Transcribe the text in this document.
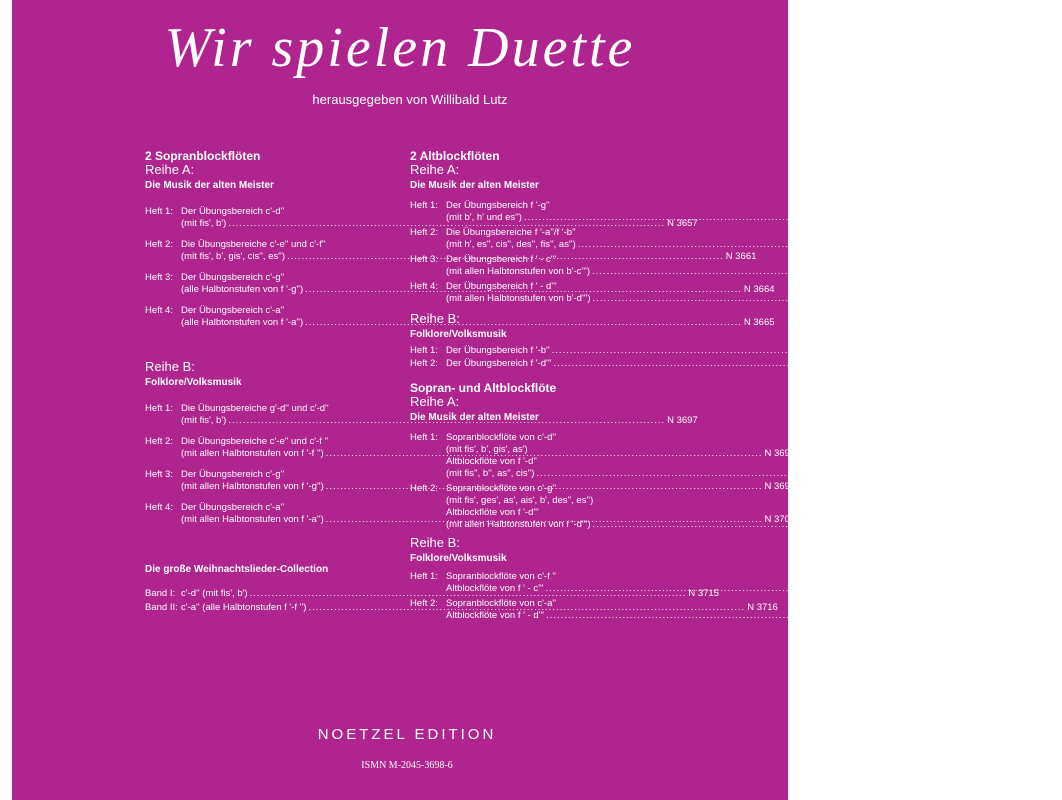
Wir spielen Duette
herausgegeben von Willibald Lutz
2 Sopranblockflöten
Reihe A:
Die Musik der alten Meister
Heft 1: Der Übungsbereich c'-d''
(mit fis', b') .....	N 3657
Heft 2: Die Übungsbereiche c'-e'' und c'-f''
(mit fis', b', gis', cis'', es'') .....	N 3661
Heft 3: Der Übungsbereich c'-g''
(alle Halbtonstufen von f '-g'') .....	N 3664
Heft 4: Der Übungsbereich c'-a''
(alle Halbtonstufen von f '-a'') .....	N 3665
Reihe B:
Folklore/Volksmusik
Heft 1: Die Übungsbereiche g'-d'' und c'-d''
(mit fis', b') .....	N 3697
Heft 2: Die Übungsbereiche c'-e'' und c'-f ''
(mit allen Halbtonstufen von f '-f '') .....	N 3698
Heft 3: Der Übungsbereich c'-g''
(mit allen Halbtonstufen von f '-g'') .....	N 3699
Heft 4: Der Übungsbereich c'-a''
(mit allen Halbtonstufen von f '-a'') .....	N 3700
Die große Weihnachtslieder-Collection
Band I: c'-d'' (mit fis', b') .....	N 3715
Band II: c'-a'' (alle Halbtonstufen f '-f '') .....	N 3716
2 Altblockflöten
Reihe A:
Die Musik der alten Meister
Heft 1: Der Übungsbereich f '-g''
(mit b', h' und es'') .....	N 3717
Heft 2: Die Übungsbereiche f '-a''/f '-b''
(mit h', es'', cis'', des'', fis'', as'') .....	N 3718
Heft 3: Der Übungsbereich f ' - c'''
(mit allen Halbtonstufen von b'-c''') .....	N 3719
Heft 4: Der Übungsbereich f ' - d'''
(mit allen Halbtonstufen von b'-d''') .....	N 3720
Reihe B:
Folklore/Volksmusik
Heft 1: Der Übungsbereich f '-b'' .....	N 3773
Heft 2: Der Übungsbereich f '-d''' .....	N 3774
Sopran- und Altblockflöte
Reihe A:
Die Musik der alten Meister
Heft 1: Sopranblockflöte von c'-d''
(mit fis', b', gis', as')
Altblockflöte von f '-d''
(mit fis'', b'', as'', cis'') .....	N 3766
Heft 2: Sopranblockflöte von c'-g''
(mit fis', ges', as', ais', b', des'', es'')
Altblockflöte von f '-d'''
(mit allen Halbtonstufen von f '-d''') .....	N 3767
Reihe B:
Folklore/Volksmusik
Heft 1: Sopranblockflöte von c'-f ''
Altblockflöte von f ' - c''' .....	N 3802
Heft 2: Sopranblockflöte von c'-a''
Altblockflöte von f ' - d''' .....	N 3803
NOETZEL EDITION
ISMN M-2045-3698-6
